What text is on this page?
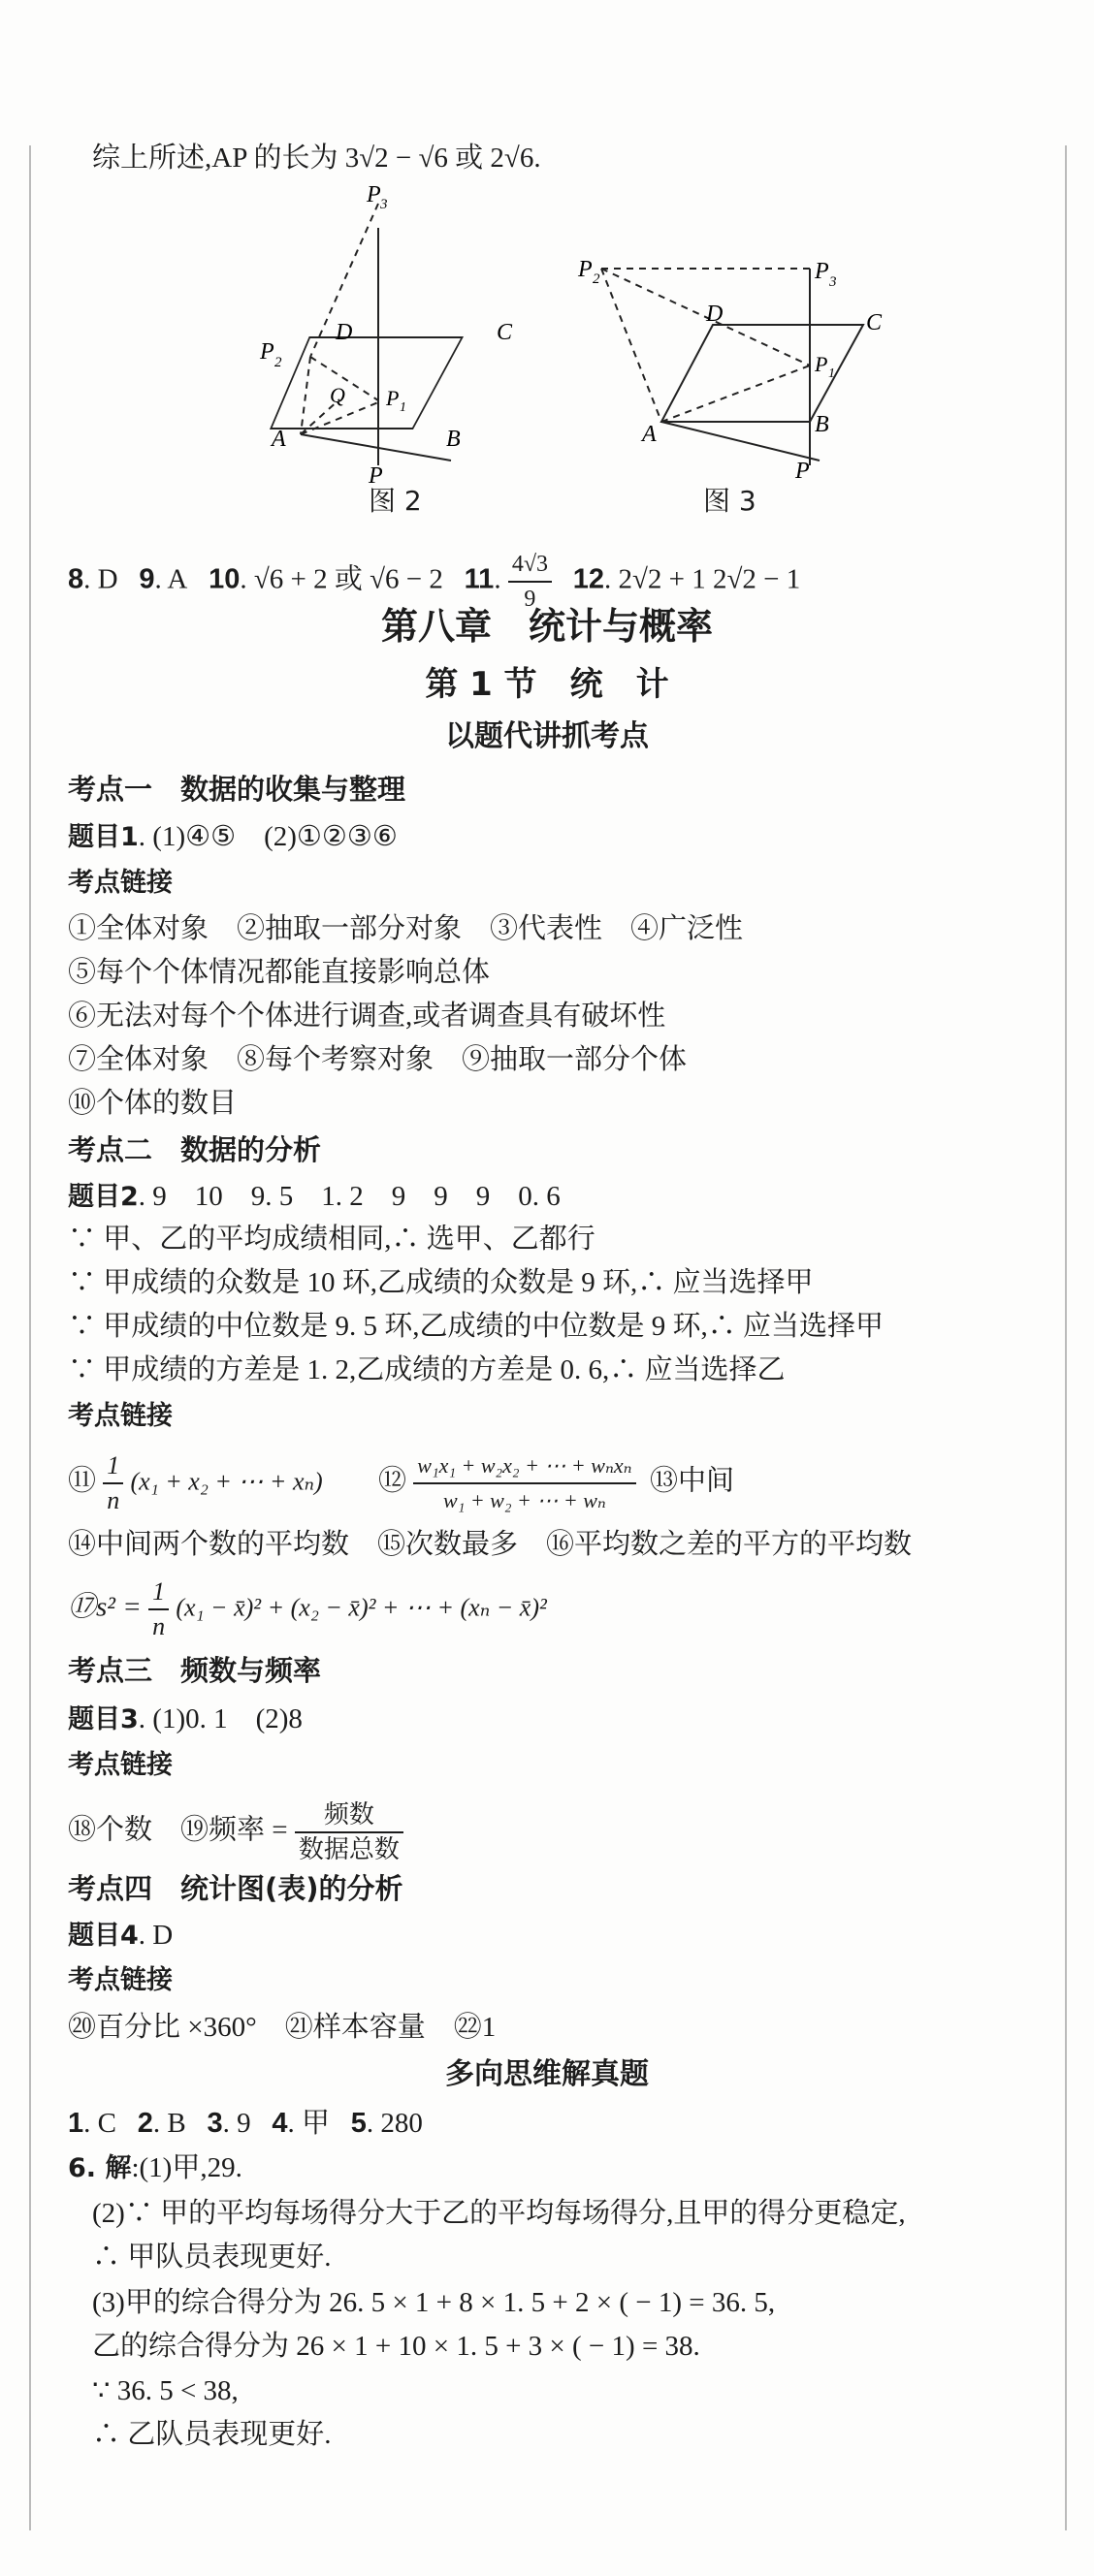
综上所述,AP 的长为 3√2 − √6 或 2√6.
P 3
P 2
D	C
A	B
Q P 1
P
图 2
P 2	P 3
D	C
P 1
A	B
P
图 3
8. D 9. A 10. √6 + 2 或 √6 − 2 11. $\frac{4√3}{9} 12$. 2√2 + 1 2√2 − 1
第八章　统计与概率
第 1 节　统　计
以题代讲抓考点
考点一　数据的收集与整理
题目1. (1)④⑤　(2)①②③⑥
考点链接
①全体对象　②抽取一部分对象　③代表性　④广泛性
⑤每个个体情况都能直接影响总体
⑥无法对每个个体进行调查,或者调查具有破坏性
⑦全体对象　⑧每个考察对象　⑨抽取一部分个体
⑩个体的数目
考点二　数据的分析
题目2. 9　10　9. 5　1. 2　9　9　9　0. 6
∵ 甲、乙的平均成绩相同,∴ 选甲、乙都行
∵ 甲成绩的众数是 10 环,乙成绩的众数是 9 环,∴ 应当选择甲
∵ 甲成绩的中位数是 9. 5 环,乙成绩的中位数是 9 环,∴ 应当选择甲
∵ 甲成绩的方差是 1. 2,乙成绩的方差是 0. 6,∴ 应当选择乙
考点链接
⑪ $\frac{1}{n} (x_1 + x_2$ + ⋯ + xₙ) ⑫ $\frac{\text{w₁x₁ + w₂x₂ + ⋯ + wₙxₙ}}{\text{w₁ + w₂ + ⋯ + wₙ}}$ ⑬中间
⑭中间两个数的平均数　⑮次数最多　⑯平均数之差的平方的平均数
⑰s² = $\frac{1}{n} (x_1$ − x̄)² + (x₂ − x̄)² + ⋯ + (xₙ − x̄)²
考点三　频数与频率
题目3. (1)0. 1　(2)8
考点链接
⑱个数　⑲频率 = $\frac{\text{频数}}{\text{数据总数}}$
考点四　统计图(表)的分析
题目4. D
考点链接
⑳百分比 ×360°　㉑样本容量　㉒1
多向思维解真题
1. C 2. B 3. 9 4. 甲 5. 280
6. 解:(1)甲,29.
(2)∵ 甲的平均每场得分大于乙的平均每场得分,且甲的得分更稳定,
∴ 甲队员表现更好.
(3)甲的综合得分为 26. 5 × 1 + 8 × 1. 5 + 2 × ( − 1) = 36. 5,
乙的综合得分为 26 × 1 + 10 × 1. 5 + 3 × ( − 1) = 38.
∵ 36. 5 < 38,
∴ 乙队员表现更好.
